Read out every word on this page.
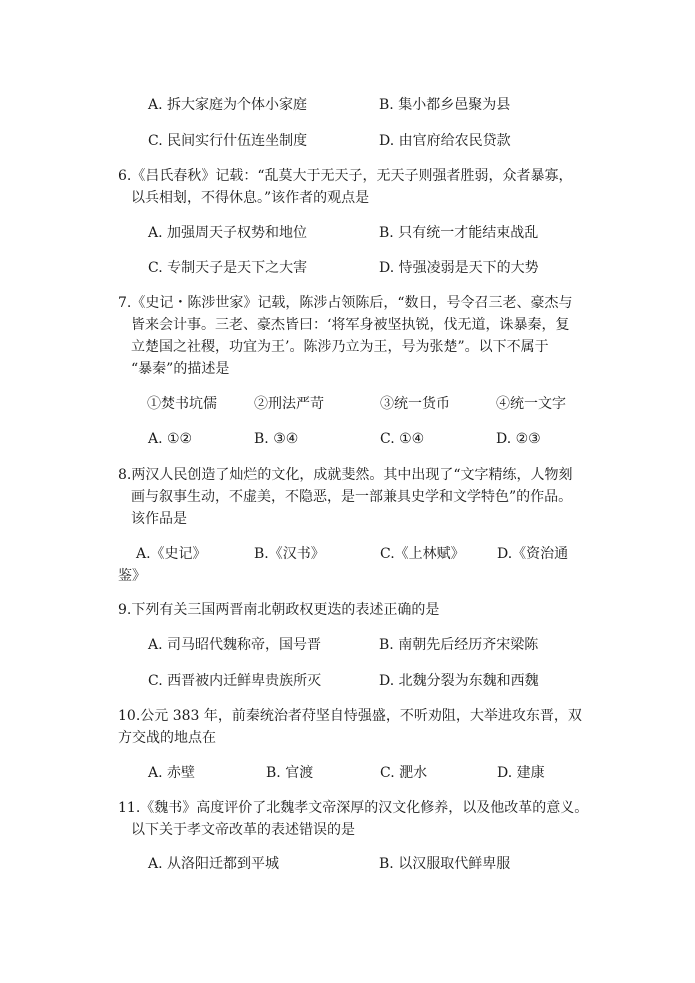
A. 拆大家庭为个体小家庭	B. 集小都乡邑聚为县
C. 民间实行什伍连坐制度	D. 由官府给农民贷款
6.《吕氏春秋》记载：“乱莫大于无天子，无天子则强者胜弱，众者暴寡，
以兵相刬，不得休息。”该作者的观点是
A. 加强周天子权势和地位	B. 只有统一才能结束战乱
C. 专制天子是天下之大害	D. 恃强凌弱是天下的大势
7.《史记・陈涉世家》记载，陈涉占领陈后，“数日，号令召三老、豪杰与
皆来会计事。三老、豪杰皆曰：‘将军身被坚执锐，伐无道，诛暴秦，复
立楚国之社稷，功宜为王’。陈涉乃立为王，号为张楚”。以下不属于
“暴秦”的描述是
①焚书坑儒	②刑法严苛	③统一货币	④统一文字
A. ①②	B. ③④	C. ①④	D. ②③
8.两汉人民创造了灿烂的文化，成就斐然。其中出现了“文字精练，人物刻
画与叙事生动，不虚美，不隐恶，是一部兼具史学和文学特色”的作品。
该作品是
A.《史记》	B.《汉书》	C.《上林赋》 D.《资治通
鉴》
9.下列有关三国两晋南北朝政权更迭的表述正确的是
A. 司马昭代魏称帝，国号晋	B. 南朝先后经历齐宋梁陈
C. 西晋被内迁鲜卑贵族所灭	D. 北魏分裂为东魏和西魏
10.公元 383 年，前秦统治者苻坚自恃强盛，不听劝阻，大举进攻东晋，双
方交战的地点在
A. 赤壁	B. 官渡	C. 淝水	D. 建康
11.《魏书》高度评价了北魏孝文帝深厚的汉文化修养，以及他改革的意义。
以下关于孝文帝改革的表述错误的是
A. 从洛阳迁都到平城	B. 以汉服取代鲜卑服
